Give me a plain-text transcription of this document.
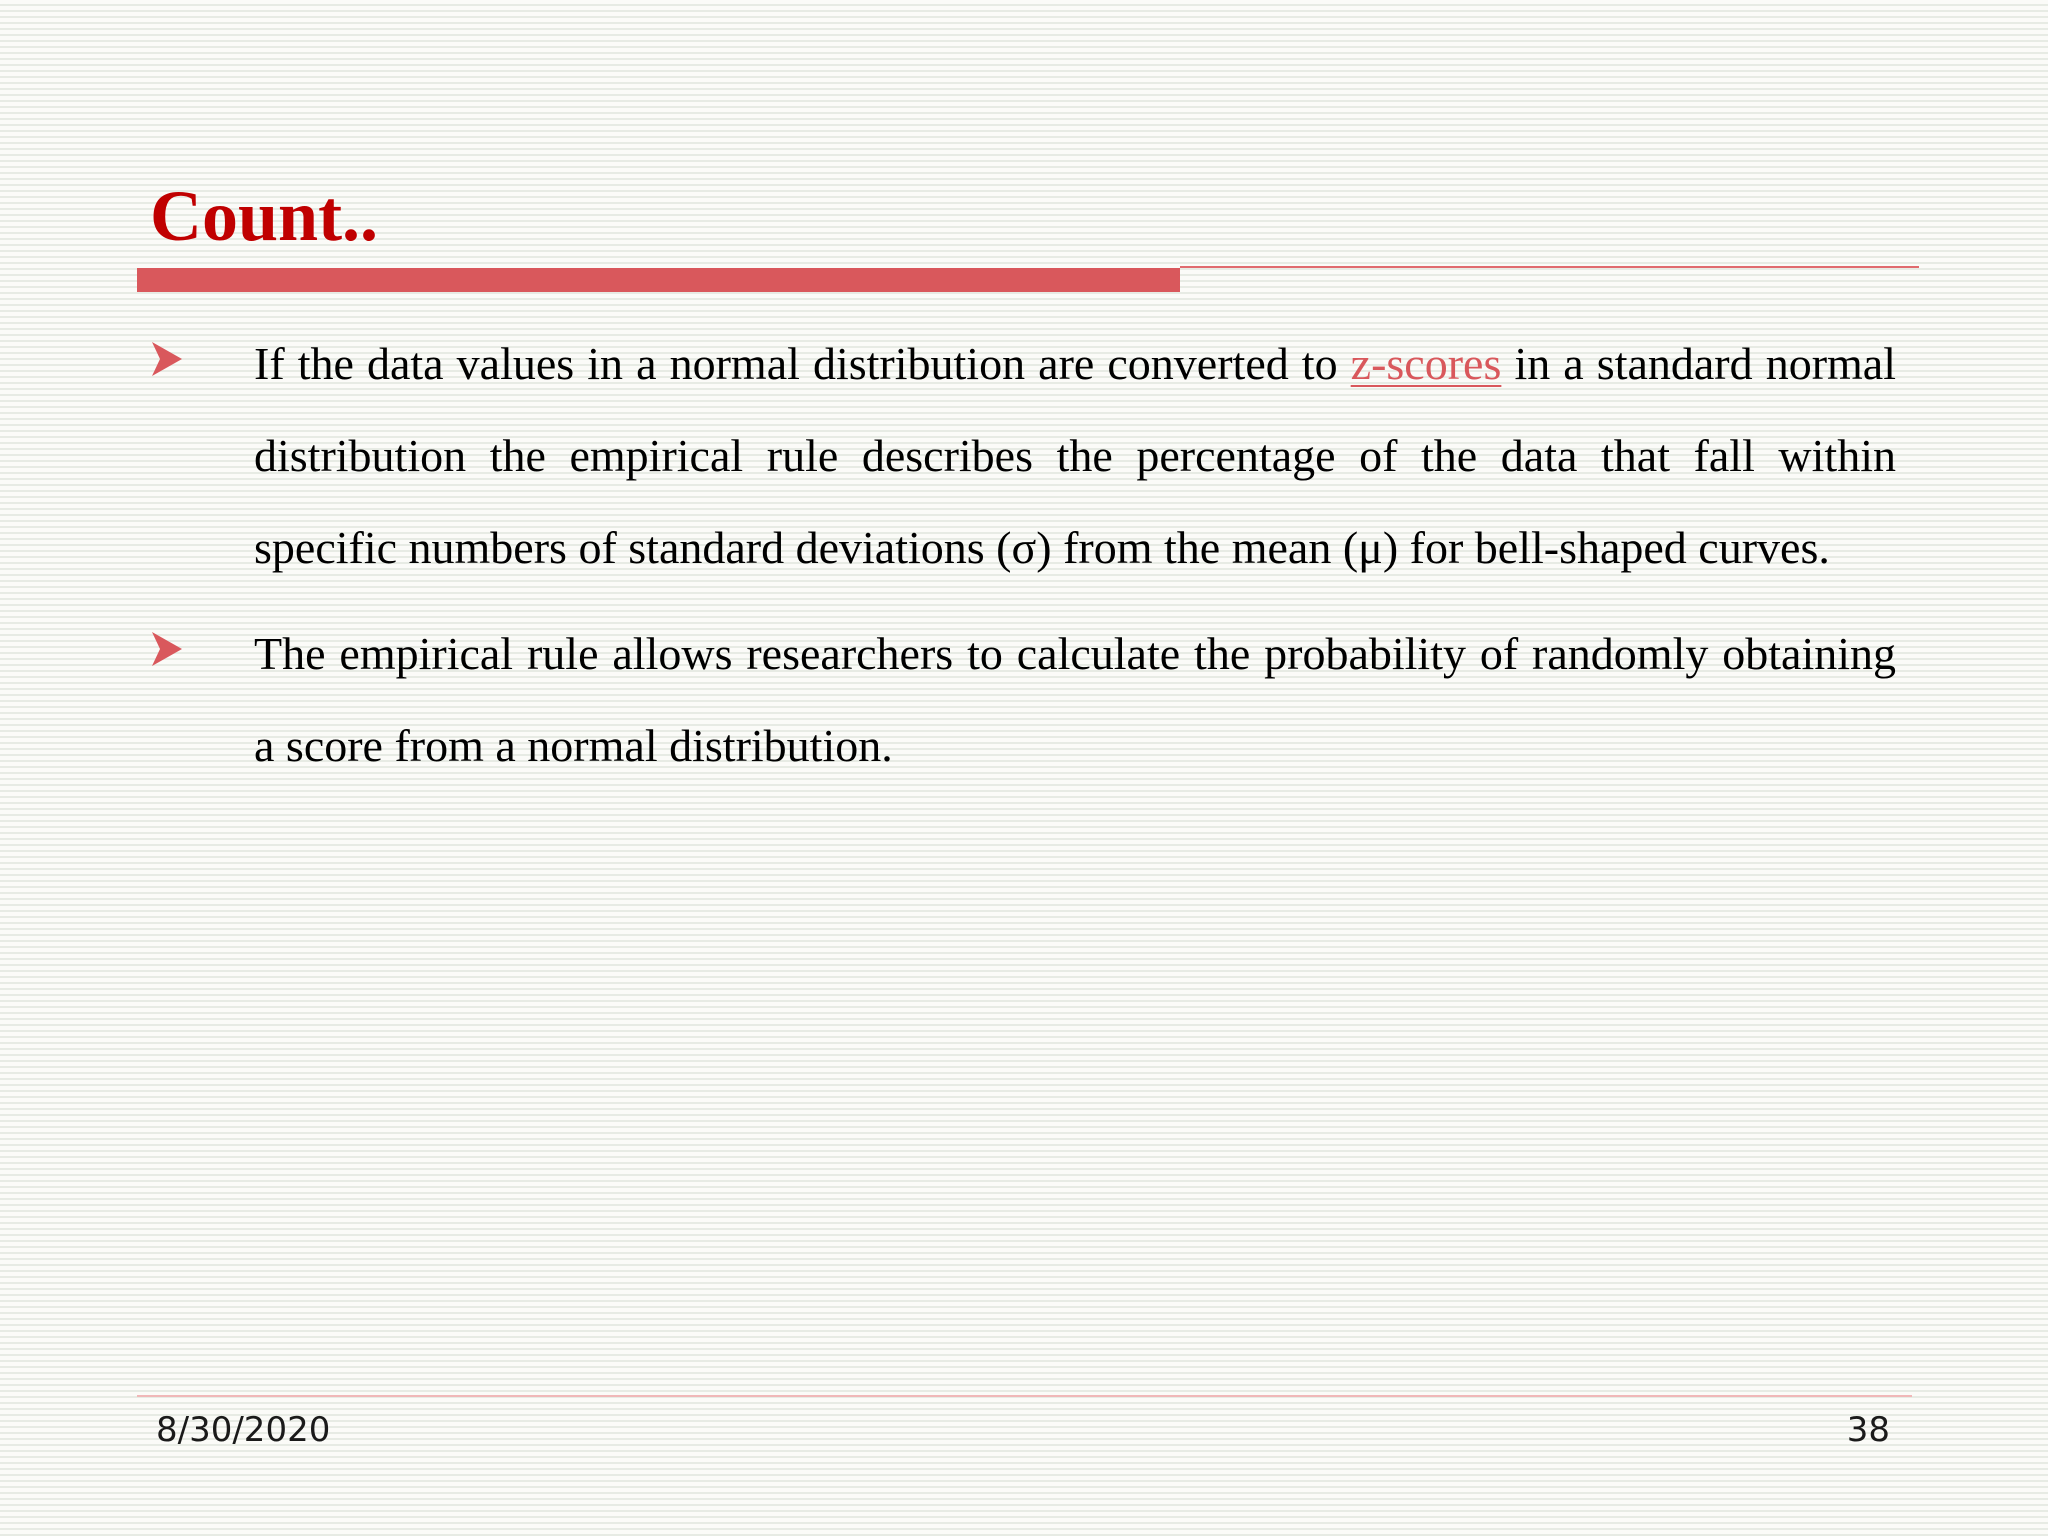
Count..
If the data values in a normal distribution are converted to z-scores in a standard normal distribution the empirical rule describes the percentage of the data that fall within specific numbers of standard deviations (σ) from the mean (μ) for bell-shaped curves.
The empirical rule allows researchers to calculate the probability of randomly obtaining a score from a normal distribution.
8/30/2020	38
